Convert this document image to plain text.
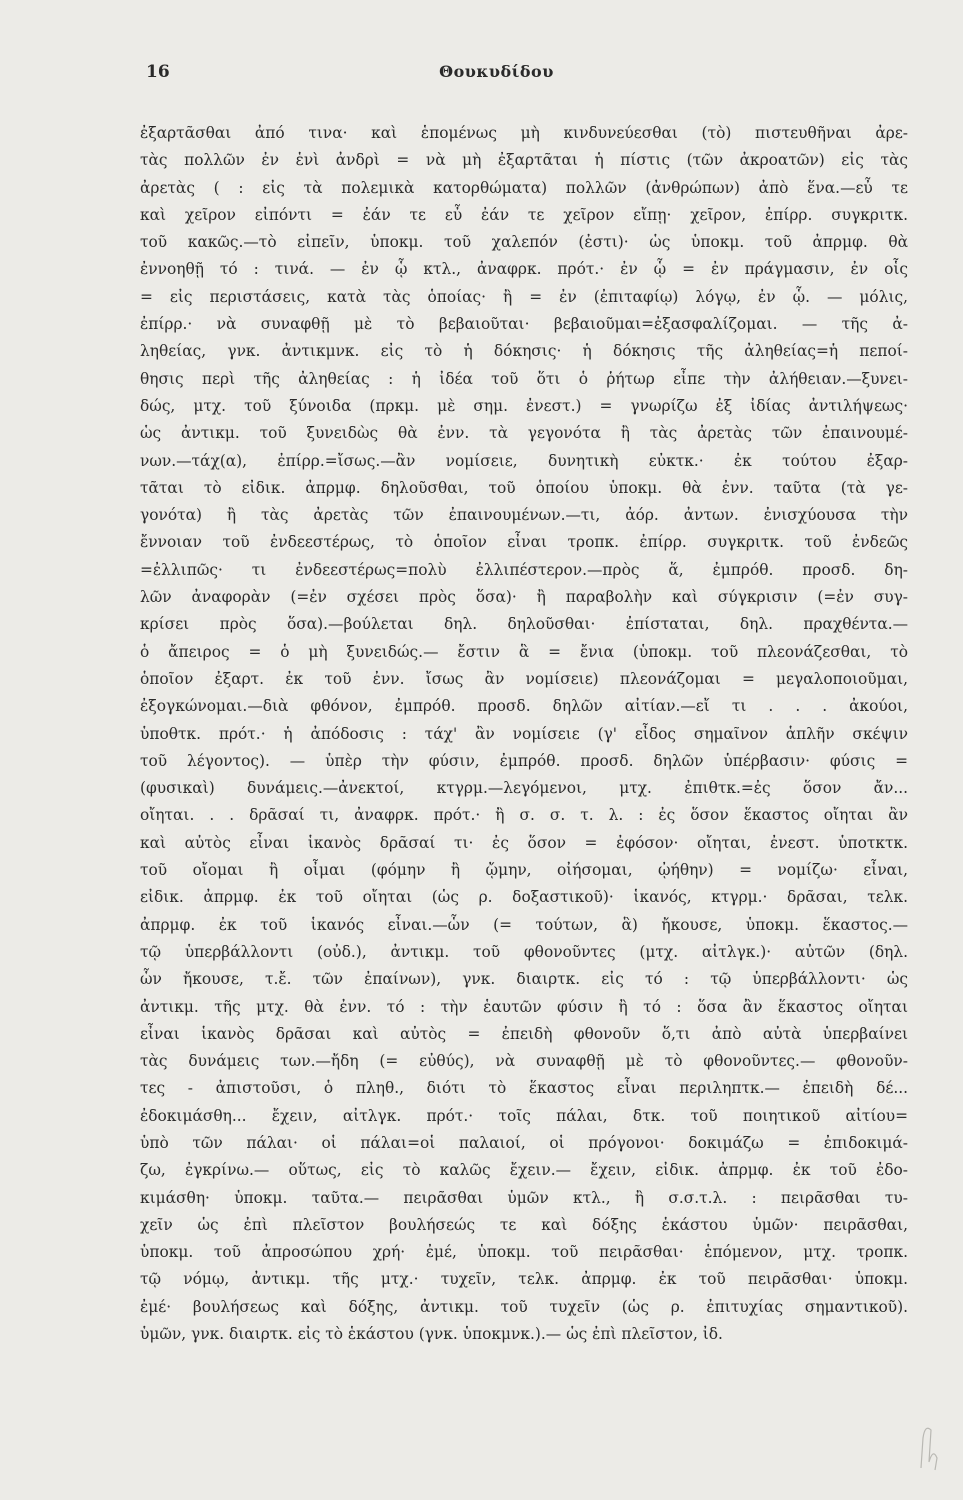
16	Θουκυδίδου
ἐξαρτᾶσθαι ἀπό τινα· καὶ ἑπομένως μὴ κινδυνεύεσθαι (τὸ) πιστευθῆναι ἀρε-
τὰς πολλῶν ἐν ἑνὶ ἀνδρὶ = νὰ μὴ ἐξαρτᾶται ἡ πίστις (τῶν ἀκροατῶν) εἰς τὰς
ἀρετὰς ( : εἰς τὰ πολεμικὰ κατορθώματα) πολλῶν (ἀνθρώπων) ἀπὸ ἕνα.—εὖ τε
καὶ χεῖρον εἰπόντι = ἐάν τε εὖ ἐάν τε χεῖρον εἴπῃ· χεῖρον, ἐπίρρ. συγκριτκ.
τοῦ κακῶς.—τὸ εἰπεῖν, ὑποκμ. τοῦ χαλεπόν (ἐστι)· ὡς ὑποκμ. τοῦ ἀπρμφ. θὰ
ἐννοηθῇ τό : τινά. — ἐν ᾧ κτλ., ἀναφρκ. πρότ.· ἐν ᾧ = ἐν πράγμασιν, ἐν οἷς
= εἰς περιστάσεις, κατὰ τὰς ὁποίας· ἢ = ἐν (ἐπιταφίῳ) λόγῳ, ἐν ᾧ. — μόλις,
ἐπίρρ.· νὰ συναφθῇ μὲ τὸ βεβαιοῦται· βεβαιοῦμαι=ἐξασφαλίζομαι. — τῆς ἀ-
ληθείας, γνκ. ἀντικμνκ. εἰς τὸ ἡ δόκησις· ἡ δόκησις τῆς ἀληθείας=ἡ πεποί-
θησις περὶ τῆς ἀληθείας : ἡ ἰδέα τοῦ ὅτι ὁ ῥήτωρ εἶπε τὴν ἀλήθειαν.—ξυνει-
δώς, μτχ. τοῦ ξύνοιδα (πρκμ. μὲ σημ. ἐνεστ.) = γνωρίζω ἐξ ἰδίας ἀντιλήψεως·
ὡς ἀντικμ. τοῦ ξυνειδὼς θὰ ἐνν. τὰ γεγονότα ἢ τὰς ἀρετὰς τῶν ἐπαινουμέ-
νων.—τάχ(α), ἐπίρρ.=ἴσως.—ἂν νομίσειε, δυνητικὴ εὐκτκ.· ἐκ τούτου ἐξαρ-
τᾶται τὸ εἰδικ. ἀπρμφ. δηλοῦσθαι, τοῦ ὁποίου ὑποκμ. θὰ ἐνν. ταῦτα (τὰ γε-
γονότα) ἢ τὰς ἀρετὰς τῶν ἐπαινουμένων.—τι, ἀόρ. ἀντων. ἐνισχύουσα τὴν
ἔννοιαν τοῦ ἐνδεεστέρως, τὸ ὁποῖον εἶναι τροπκ. ἐπίρρ. συγκριτκ. τοῦ ἐνδεῶς
=ἐλλιπῶς· τι ἐνδεεστέρως=πολὺ ἐλλιπέστερον.—πρὸς ἅ, ἐμπρόθ. προσδ. δη-
λῶν ἀναφορὰν (=ἐν σχέσει πρὸς ὅσα)· ἢ παραβολὴν καὶ σύγκρισιν (=ἐν συγ-
κρίσει πρὸς ὅσα).—βούλεται δηλ. δηλοῦσθαι· ἐπίσταται, δηλ. πραχθέντα.—
ὁ ἄπειρος = ὁ μὴ ξυνειδώς.— ἔστιν ἃ = ἔνια (ὑποκμ. τοῦ πλεονάζεσθαι, τὸ
ὁποῖον ἐξαρτ. ἐκ τοῦ ἐνν. ἴσως ἂν νομίσειε) πλεονάζομαι = μεγαλοποιοῦμαι,
ἐξογκώνομαι.—διὰ φθόνον, ἐμπρόθ. προσδ. δηλῶν αἰτίαν.—εἴ τι . . . ἀκούοι,
ὑποθτκ. πρότ.· ἡ ἀπόδοσις : τάχ' ἂν νομίσειε (γ' εἶδος σημαῖνον ἁπλῆν σκέψιν
τοῦ λέγοντος). — ὑπὲρ τὴν φύσιν, ἐμπρόθ. προσδ. δηλῶν ὑπέρβασιν· φύσις =
(φυσικαὶ) δυνάμεις.—ἀνεκτοί, κτγρμ.—λεγόμενοι, μτχ. ἐπιθτκ.=ἐς ὅσον ἄν...
οἴηται. . . δρᾶσαί τι, ἀναφρκ. πρότ.· ἢ σ. σ. τ. λ. : ἐς ὅσον ἕκαστος οἴηται ἂν
καὶ αὐτὸς εἶναι ἱκανὸς δρᾶσαί τι· ἐς ὅσον = ἐφόσον· οἴηται, ἐνεστ. ὑποτκτκ.
τοῦ οἴομαι ἢ οἶμαι (φόμην ἢ ᾤμην, οἰήσομαι, ᾠήθην) = νομίζω· εἶναι,
εἰδικ. ἀπρμφ. ἐκ τοῦ οἴηται (ὡς ρ. δοξαστικοῦ)· ἱκανός, κτγρμ.· δρᾶσαι, τελκ.
ἀπρμφ. ἐκ τοῦ ἱκανός εἶναι.—ὧν (= τούτων, ἃ) ἤκουσε, ὑποκμ. ἕκαστος.—
τῷ ὑπερβάλλοντι (οὐδ.), ἀντικμ. τοῦ φθονοῦντες (μτχ. αἰτλγκ.)· αὐτῶν (δηλ.
ὧν ἤκουσε, τ.ἔ. τῶν ἐπαίνων), γνκ. διαιρτκ. εἰς τό : τῷ ὑπερβάλλοντι· ὡς
ἀντικμ. τῆς μτχ. θὰ ἐνν. τό : τὴν ἑαυτῶν φύσιν ἢ τό : ὅσα ἂν ἕκαστος οἴηται
εἶναι ἱκανὸς δρᾶσαι καὶ αὐτὸς = ἐπειδὴ φθονοῦν ὅ,τι ἀπὸ αὐτὰ ὑπερβαίνει
τὰς δυνάμεις των.—ἤδη (= εὐθύς), νὰ συναφθῇ μὲ τὸ φθονοῦντες.— φθονοῦν-
τες - ἀπιστοῦσι, ὁ πληθ., διότι τὸ ἕκαστος εἶναι περιληπτκ.— ἐπειδὴ δέ...
ἐδοκιμάσθη... ἔχειν, αἰτλγκ. πρότ.· τοῖς πάλαι, δτκ. τοῦ ποιητικοῦ αἰτίου=
ὑπὸ τῶν πάλαι· οἱ πάλαι=οἱ παλαιοί, οἱ πρόγονοι· δοκιμάζω = ἐπιδοκιμά-
ζω, ἐγκρίνω.— οὕτως, εἰς τὸ καλῶς ἔχειν.— ἔχειν, εἰδικ. ἀπρμφ. ἐκ τοῦ ἐδο-
κιμάσθη· ὑποκμ. ταῦτα.— πειρᾶσθαι ὑμῶν κτλ., ἢ σ.σ.τ.λ. : πειρᾶσθαι τυ-
χεῖν ὡς ἐπὶ πλεῖστον βουλήσεώς τε καὶ δόξης ἑκάστου ὑμῶν· πειρᾶσθαι,
ὑποκμ. τοῦ ἀπροσώπου χρή· ἐμέ, ὑποκμ. τοῦ πειρᾶσθαι· ἑπόμενον, μτχ. τροπκ.
τῷ νόμῳ, ἀντικμ. τῆς μτχ.· τυχεῖν, τελκ. ἀπρμφ. ἐκ τοῦ πειρᾶσθαι· ὑποκμ.
ἐμέ· βουλήσεως καὶ δόξης, ἀντικμ. τοῦ τυχεῖν (ὡς ρ. ἐπιτυχίας σημαντικοῦ).
ὑμῶν, γνκ. διαιρτκ. εἰς τὸ ἑκάστου (γνκ. ὑποκμνκ.).— ὡς ἐπὶ πλεῖστον, ἰδ.
